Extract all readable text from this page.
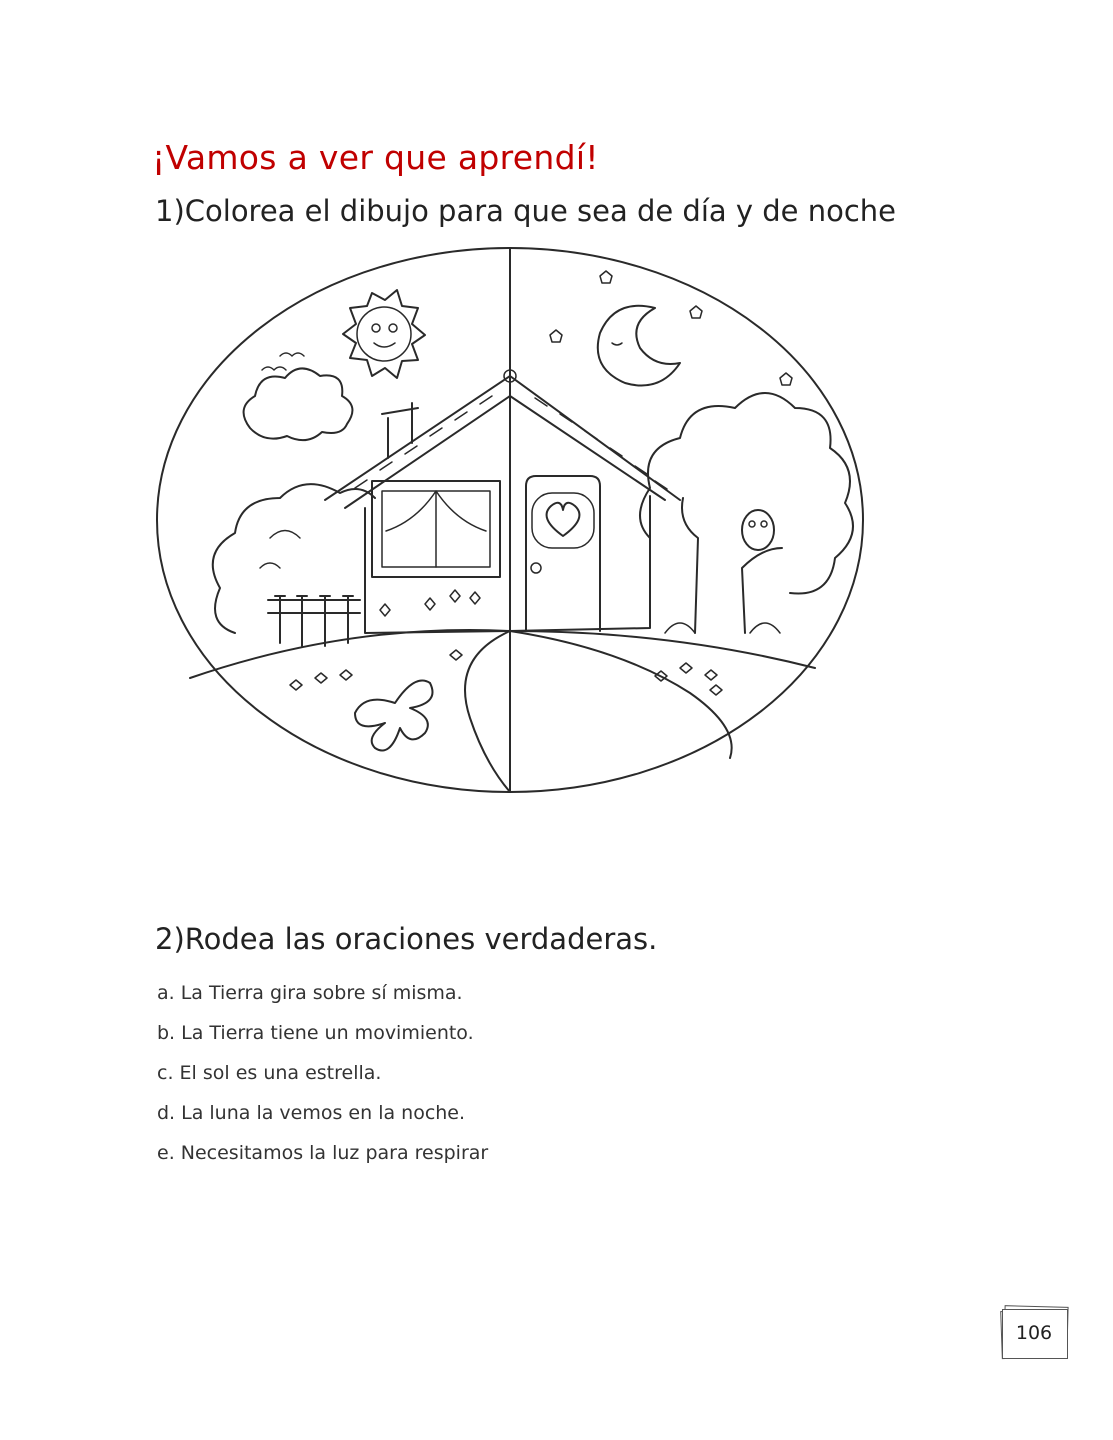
¡Vamos a ver que aprendí!
1)Colorea el dibujo para que sea de día y de noche
2)Rodea las oraciones verdaderas.
a. La Tierra gira sobre sí misma.
b. La Tierra tiene un movimiento.
c. El sol es una estrella.
d. La luna la vemos en la noche.
e. Necesitamos la luz para respirar
106
